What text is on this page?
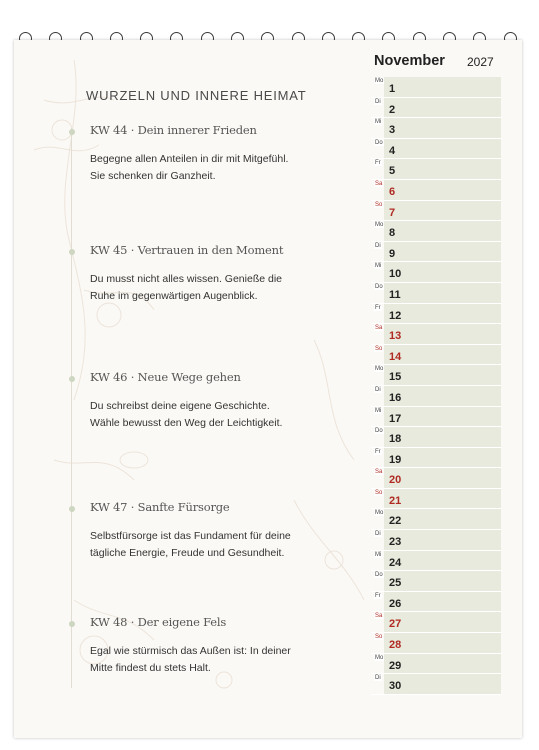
WURZELN UND INNERE HEIMAT
KW 44 · Dein innerer Frieden
Begegne allen Anteilen in dir mit Mitgefühl.
Sie schenken dir Ganzheit.
KW 45 · Vertrauen in den Moment
Du musst nicht alles wissen. Genieße die
Ruhe im gegenwärtigen Augenblick.
KW 46 · Neue Wege gehen
Du schreibst deine eigene Geschichte.
Wähle bewusst den Weg der Leichtigkeit.
KW 47 · Sanfte Fürsorge
Selbstfürsorge ist das Fundament für deine
tägliche Energie, Freude und Gesundheit.
KW 48 · Der eigene Fels
Egal wie stürmisch das Außen ist: In deiner
Mitte findest du stets Halt.
November 2027
Mo
1
Di
2
Mi
3
Do
4
Fr
5
Sa
6
So
7
Mo
8
Di
9
Mi
10
Do
11
Fr
12
Sa
13
So
14
Mo
15
Di
16
Mi
17
Do
18
Fr
19
Sa
20
So
21
Mo
22
Di
23
Mi
24
Do
25
Fr
26
Sa
27
So
28
Mo
29
Di
30
